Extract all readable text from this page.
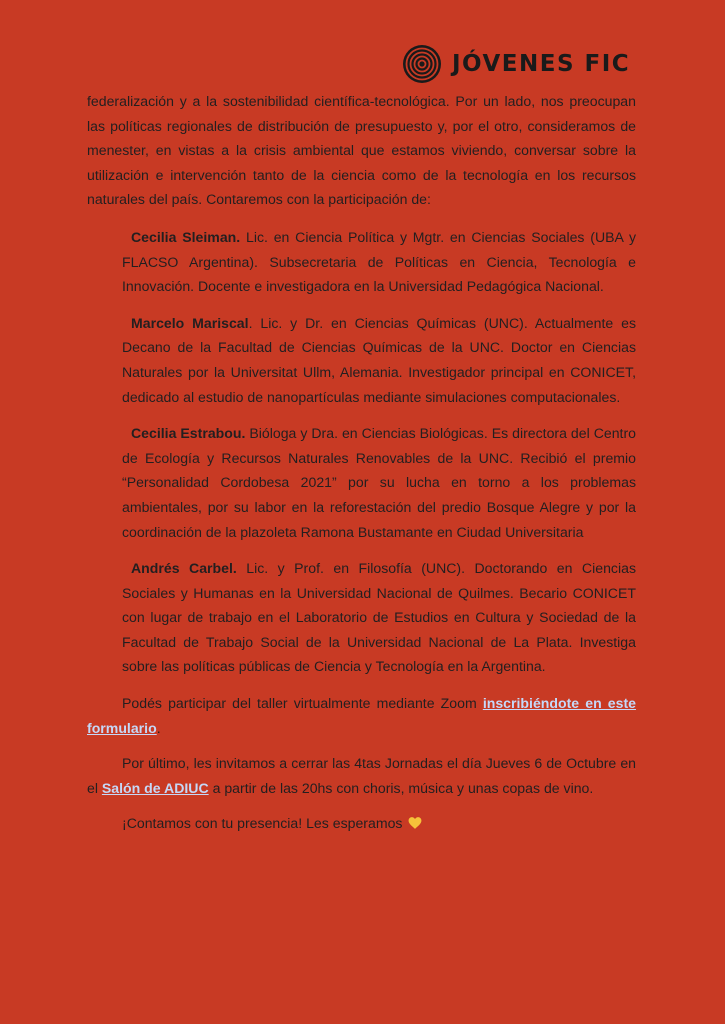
JÓVENES FIC

federalización y a la sostenibilidad científica-tecnológica. Por un lado, nos preocupan las políticas regionales de distribución de presupuesto y, por el otro, consideramos de menester, en vistas a la crisis ambiental que estamos viviendo, conversar sobre la utilización e intervención tanto de la ciencia como de la tecnología en los recursos naturales del país. Contaremos con la participación de:

Cecilia Sleiman. Lic. en Ciencia Política y Mgtr. en Ciencias Sociales (UBA y FLACSO Argentina). Subsecretaria de Políticas en Ciencia, Tecnología e Innovación. Docente e investigadora en la Universidad Pedagógica Nacional.

Marcelo Mariscal. Lic. y Dr. en Ciencias Químicas (UNC). Actualmente es Decano de la Facultad de Ciencias Químicas de la UNC. Doctor en Ciencias Naturales por la Universitat Ullm, Alemania. Investigador principal en CONICET, dedicado al estudio de nanopartículas mediante simulaciones computacionales.

Cecilia Estrabou. Bióloga y Dra. en Ciencias Biológicas. Es directora del Centro de Ecología y Recursos Naturales Renovables de la UNC. Recibió el premio “Personalidad Cordobesa 2021” por su lucha en torno a los problemas ambientales, por su labor en la reforestación del predio Bosque Alegre y por la coordinación de la plazoleta Ramona Bustamante en Ciudad Universitaria

Andrés Carbel. Lic. y Prof. en Filosofía (UNC). Doctorando en Ciencias Sociales y Humanas en la Universidad Nacional de Quilmes. Becario CONICET con lugar de trabajo en el Laboratorio de Estudios en Cultura y Sociedad de la Facultad de Trabajo Social de la Universidad Nacional de La Plata. Investiga sobre las políticas públicas de Ciencia y Tecnología en la Argentina.

Podés participar del taller virtualmente mediante Zoom inscribiéndote en este formulario.

Por último, les invitamos a cerrar las 4tas Jornadas el día Jueves 6 de Octubre en el Salón de ADIUC a partir de las 20hs con choris, música y unas copas de vino.

¡Contamos con tu presencia! Les esperamos
